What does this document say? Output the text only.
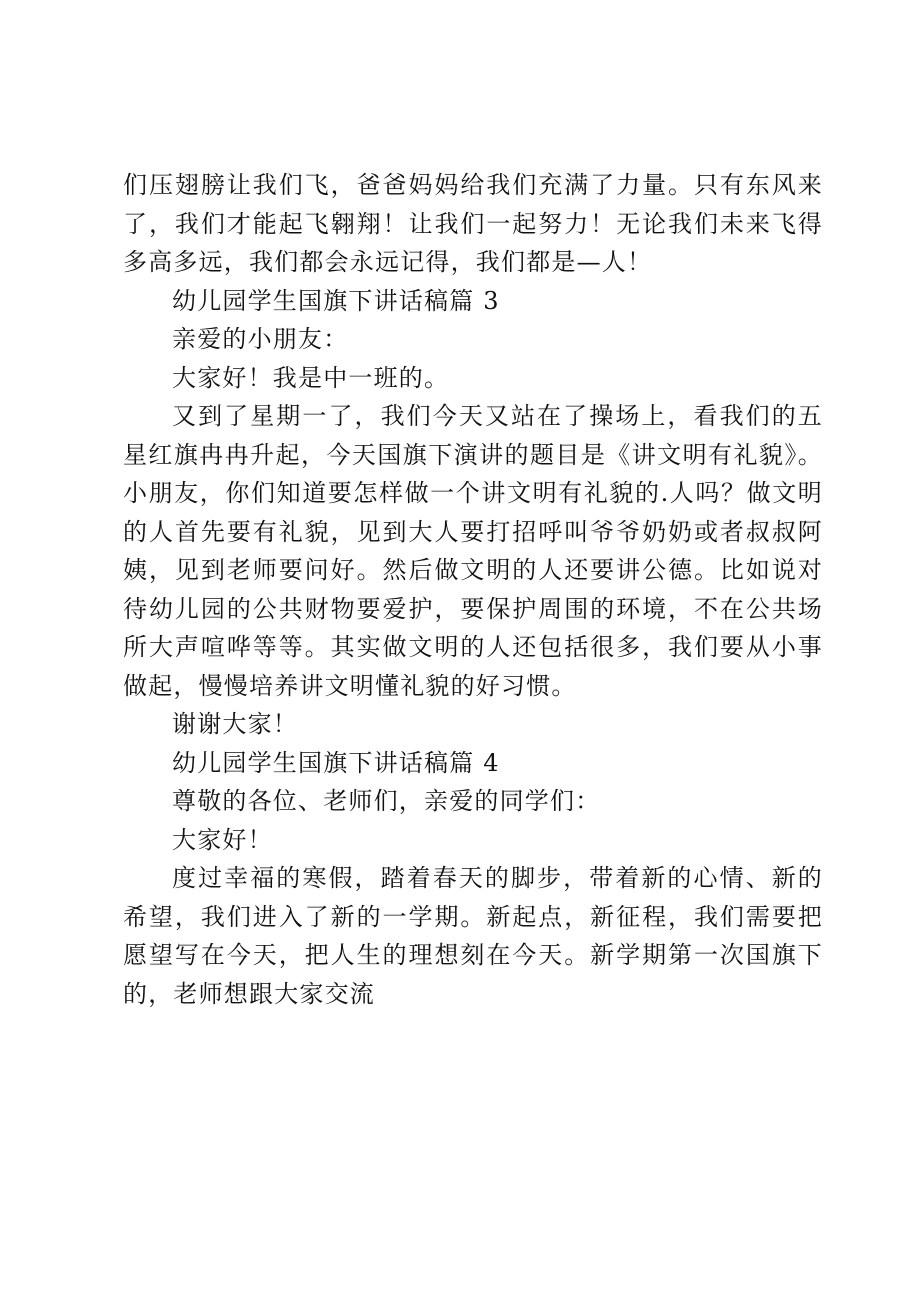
们压翅膀让我们飞，爸爸妈妈给我们充满了力量。只有东风来了，我们才能起飞翱翔！让我们一起努力！无论我们未来飞得多高多远，我们都会永远记得，我们都是—人！

幼儿园学生国旗下讲话稿篇 3

亲爱的小朋友：

大家好！我是中一班的。

又到了星期一了，我们今天又站在了操场上，看我们的五星红旗冉冉升起，今天国旗下演讲的题目是《讲文明有礼貌》。小朋友，你们知道要怎样做一个讲文明有礼貌的.人吗？做文明的人首先要有礼貌，见到大人要打招呼叫爷爷奶奶或者叔叔阿姨，见到老师要问好。然后做文明的人还要讲公德。比如说对待幼儿园的公共财物要爱护，要保护周围的环境，不在公共场所大声喧哗等等。其实做文明的人还包括很多，我们要从小事做起，慢慢培养讲文明懂礼貌的好习惯。

谢谢大家！

幼儿园学生国旗下讲话稿篇 4

尊敬的各位、老师们，亲爱的同学们：

大家好！

度过幸福的寒假，踏着春天的脚步，带着新的心情、新的希望，我们进入了新的一学期。新起点，新征程，我们需要把愿望写在今天，把人生的理想刻在今天。新学期第一次国旗下的，老师想跟大家交流
